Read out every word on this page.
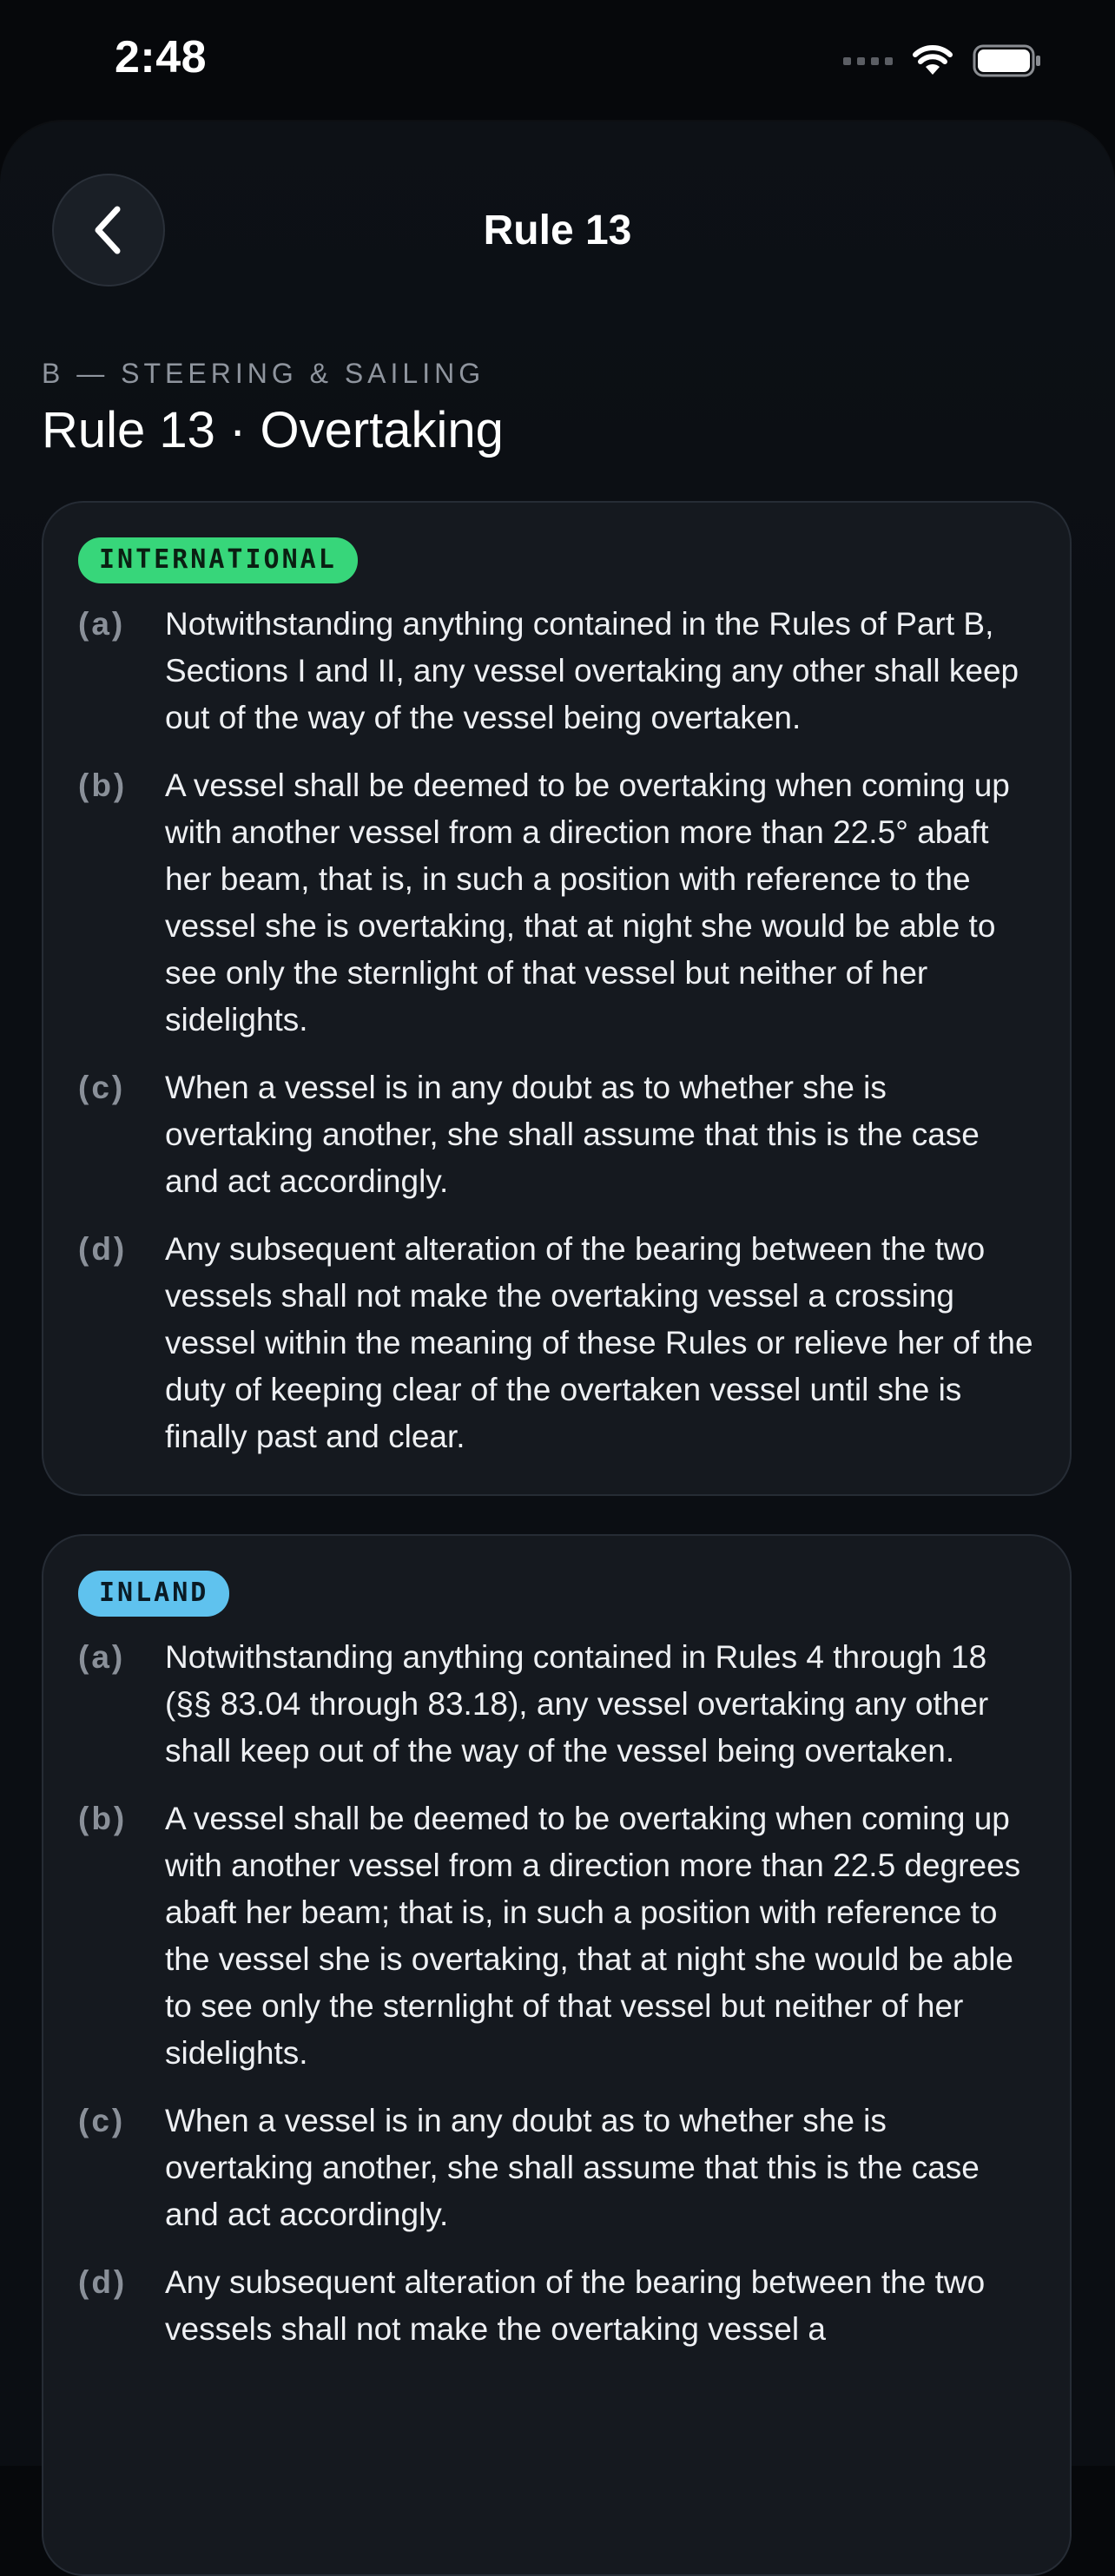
2:48
Rule 13
B — STEERING & SAILING
Rule 13 · Overtaking
INTERNATIONAL
(a)	Notwithstanding anything contained in the Rules of Part B, Sections I and II, any vessel overtaking any other shall keep out of the way of the vessel being overtaken.
(b)	A vessel shall be deemed to be overtaking when coming up with another vessel from a direction more than 22.5° abaft her beam, that is, in such a position with reference to the vessel she is overtaking, that at night she would be able to see only the sternlight of that vessel but neither of her sidelights.
(c)	When a vessel is in any doubt as to whether she is overtaking another, she shall assume that this is the case and act accordingly.
(d)	Any subsequent alteration of the bearing between the two vessels shall not make the overtaking vessel a crossing vessel within the meaning of these Rules or relieve her of the duty of keeping clear of the overtaken vessel until she is finally past and clear.
INLAND
(a)	Notwithstanding anything contained in Rules 4 through 18 (§§ 83.04 through 83.18), any vessel overtaking any other shall keep out of the way of the vessel being overtaken.
(b)	A vessel shall be deemed to be overtaking when coming up with another vessel from a direction more than 22.5 degrees abaft her beam; that is, in such a position with reference to the vessel she is overtaking, that at night she would be able to see only the sternlight of that vessel but neither of her sidelights.
(c)	When a vessel is in any doubt as to whether she is overtaking another, she shall assume that this is the case and act accordingly.
(d)	Any subsequent alteration of the bearing between the two vessels shall not make the overtaking vessel a
